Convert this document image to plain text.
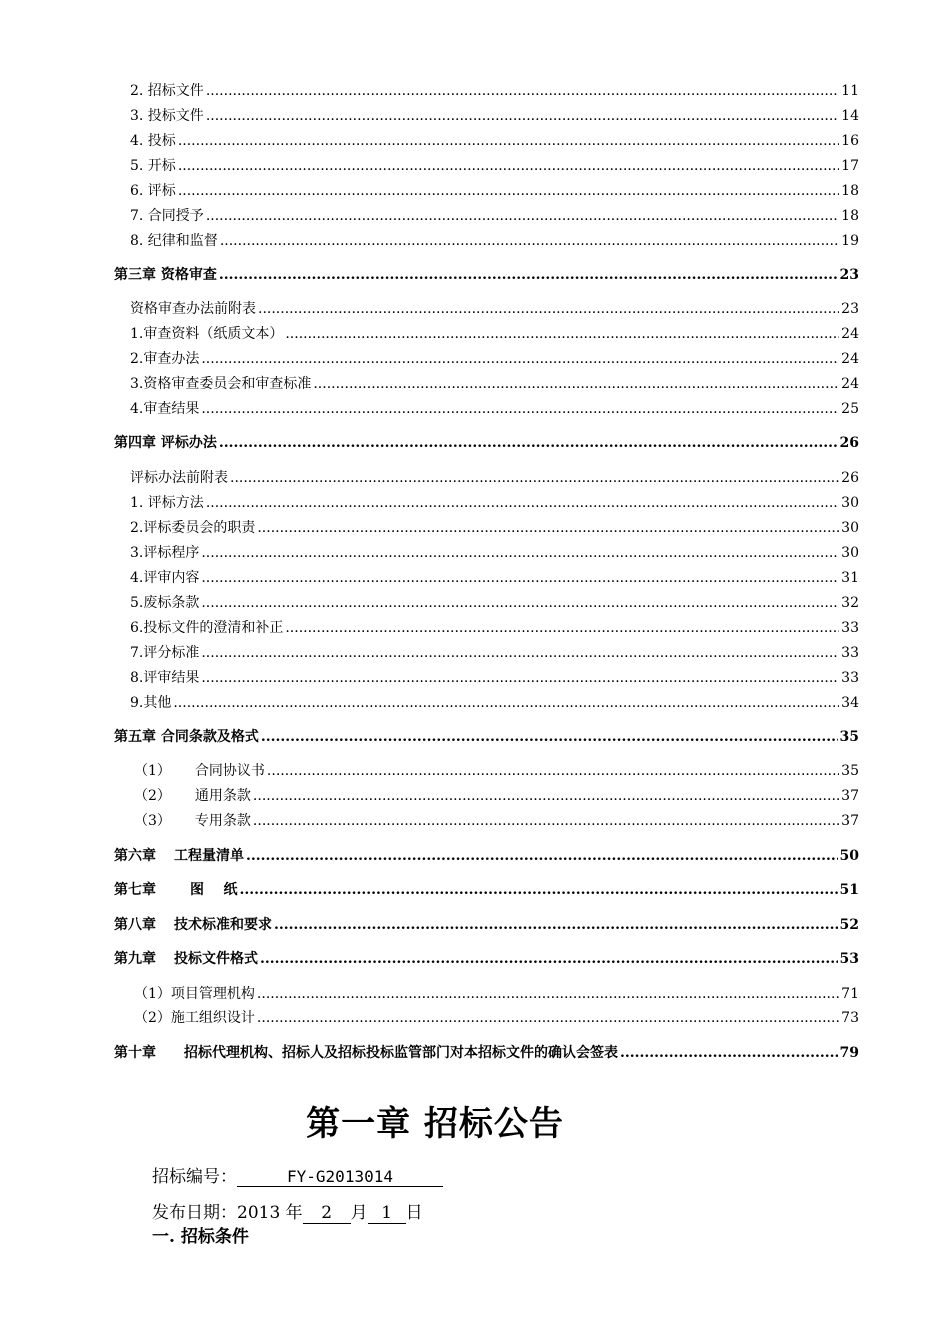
2. 招标文件 .....	11
3. 投标文件 .....	14
4. 投标 .....	16
5. 开标 .....	17
6. 评标 .....	18
7. 合同授予 .....	18
8. 纪律和监督 .....	19
第三章 资格审查 .....	23
资格审查办法前附表 .....	23
1.审查资料（纸质文本） .....	24
2.审查办法 .....	24
3.资格审查委员会和审查标准 .....	24
4.审查结果 .....	25
第四章 评标办法 .....	26
评标办法前附表 .....	26
1. 评标方法 .....	30
2.评标委员会的职责 .....	30
3.评标程序 .....	30
4.评审内容 .....	31
5.废标条款 .....	32
6.投标文件的澄清和补正 .....	33
7.评分标准 .....	33
8.评审结果 .....	33
9.其他 .....	34
第五章 合同条款及格式 .....	35
（1） 合同协议书 .....	35
（2） 通用条款 .....	37
（3） 专用条款 .....	37
第六章 工程量清单 .....	50
第七章 图    纸 .....	51
第八章 技术标准和要求 .....	52
第九章 投标文件格式 .....	53
（1）项目管理机构 .....	71
（2）施工组织设计 .....	73
第十章 招标代理机构、招标人及招标投标监管部门对本招标文件的确认会签表 .....	79
第一章 招标公告
招标编号：	FY-G2013014
发布日期：2013 年 2 月 1 日
一. 招标条件
